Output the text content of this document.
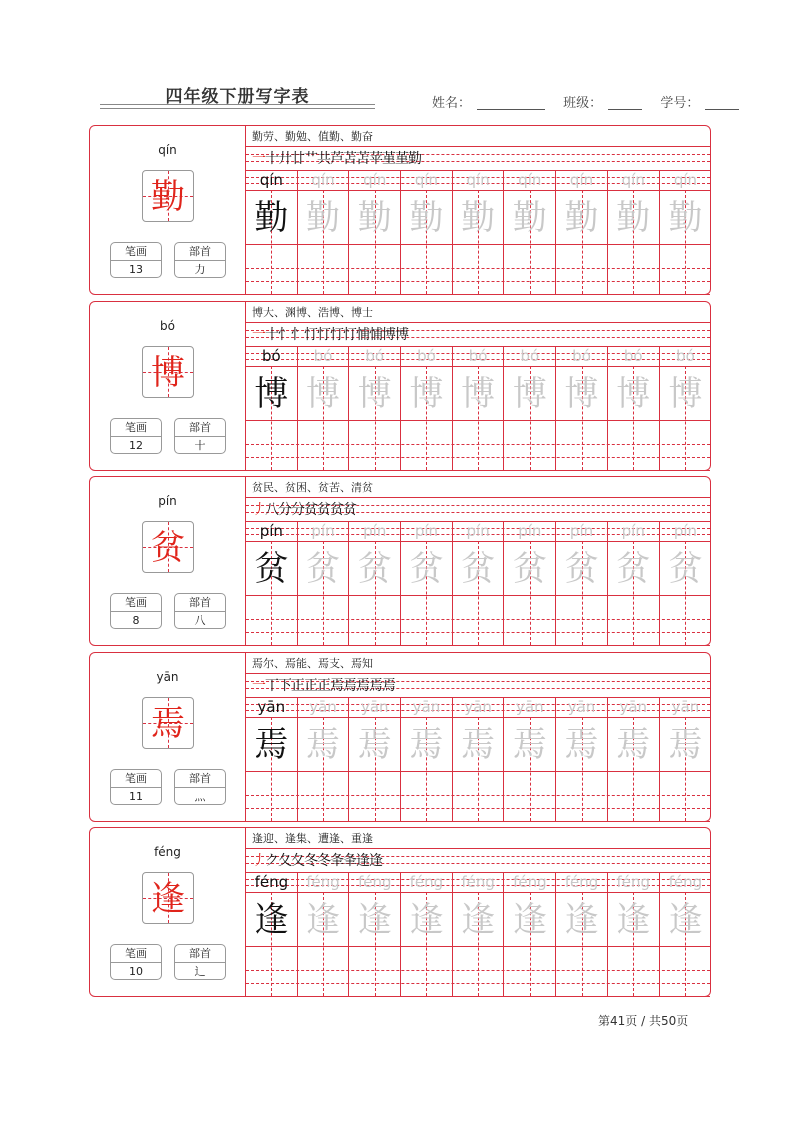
四年级下册写字表	姓名：	班级：	学号：
qín
勤
笔画
13
部首
力
勤劳、勤勉、值勤、勤奋
一十廾廿艹共芦苫苫苹堇堇勤
qín
勤
qín
勤
qín
勤
qín
勤
qín
勤
qín
勤
qín
勤
qín
勤
qín
勤
bó
博
笔画
12
部首
十
博大、渊博、浩博、博士
一十忄忄忊忊忊忊悑悑博博
bó
博
bó
博
bó
博
bó
博
bó
博
bó
博
bó
博
bó
博
bó
博
pín
贫
笔画
8
部首
八
贫民、贫困、贫苦、清贫
丿八分分贫贫贫贫
pín
贫
pín
贫
pín
贫
pín
贫
pín
贫
pín
贫
pín
贫
pín
贫
pín
贫
yān
焉
笔画
11
部首
灬
焉尔、焉能、焉支、焉知
一丅下正正正焉焉焉焉焉
yān
焉
yān
焉
yān
焉
yān
焉
yān
焉
yān
焉
yān
焉
yān
焉
yān
焉
féng
逢
笔画
10
部首
辶
逢迎、逢集、遭逢、重逢
丿ク夂夂冬冬夆夆逢逢
féng
逢
féng
逢
féng
逢
féng
逢
féng
逢
féng
逢
féng
逢
féng
逢
féng
逢
第41页 / 共50页
